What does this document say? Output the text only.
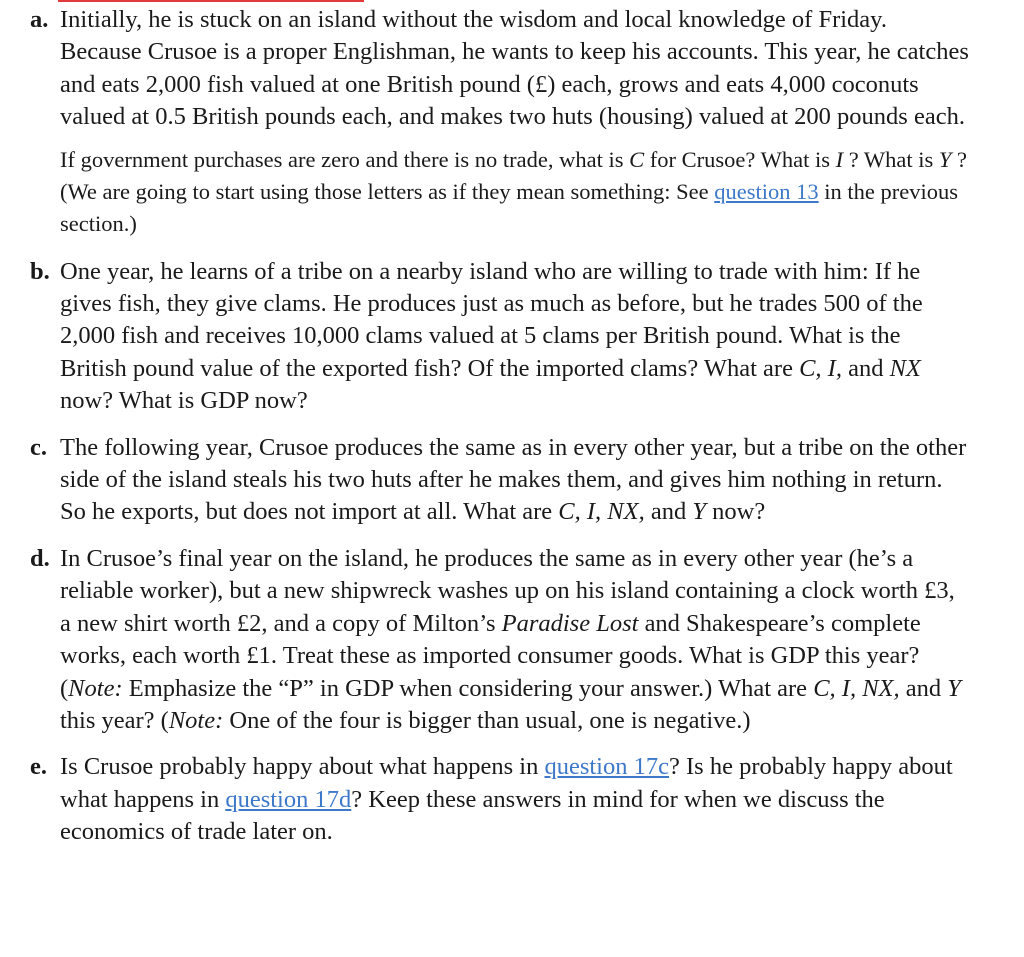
a. Initially, he is stuck on an island without the wisdom and local knowledge of Friday. Because Crusoe is a proper Englishman, he wants to keep his accounts. This year, he catches and eats 2,000 fish valued at one British pound (£) each, grows and eats 4,000 coconuts valued at 0.5 British pounds each, and makes two huts (housing) valued at 200 pounds each.

If government purchases are zero and there is no trade, what is C for Crusoe? What is I ? What is Y ? (We are going to start using those letters as if they mean something: See question 13 in the previous section.)

b. One year, he learns of a tribe on a nearby island who are willing to trade with him: If he gives fish, they give clams. He produces just as much as before, but he trades 500 of the 2,000 fish and receives 10,000 clams valued at 5 clams per British pound. What is the British pound value of the exported fish? Of the imported clams? What are C, I, and NX now? What is GDP now?

c. The following year, Crusoe produces the same as in every other year, but a tribe on the other side of the island steals his two huts after he makes them, and gives him nothing in return. So he exports, but does not import at all. What are C, I, NX, and Y now?

d. In Crusoe’s final year on the island, he produces the same as in every other year (he’s a reliable worker), but a new shipwreck washes up on his island containing a clock worth £3, a new shirt worth £2, and a copy of Milton’s Paradise Lost and Shakespeare’s complete works, each worth £1. Treat these as imported consumer goods. What is GDP this year? (Note: Emphasize the “P” in GDP when considering your answer.) What are C, I, NX, and Y this year? (Note: One of the four is bigger than usual, one is negative.)

e. Is Crusoe probably happy about what happens in question 17c? Is he probably happy about what happens in question 17d? Keep these answers in mind for when we discuss the economics of trade later on.
